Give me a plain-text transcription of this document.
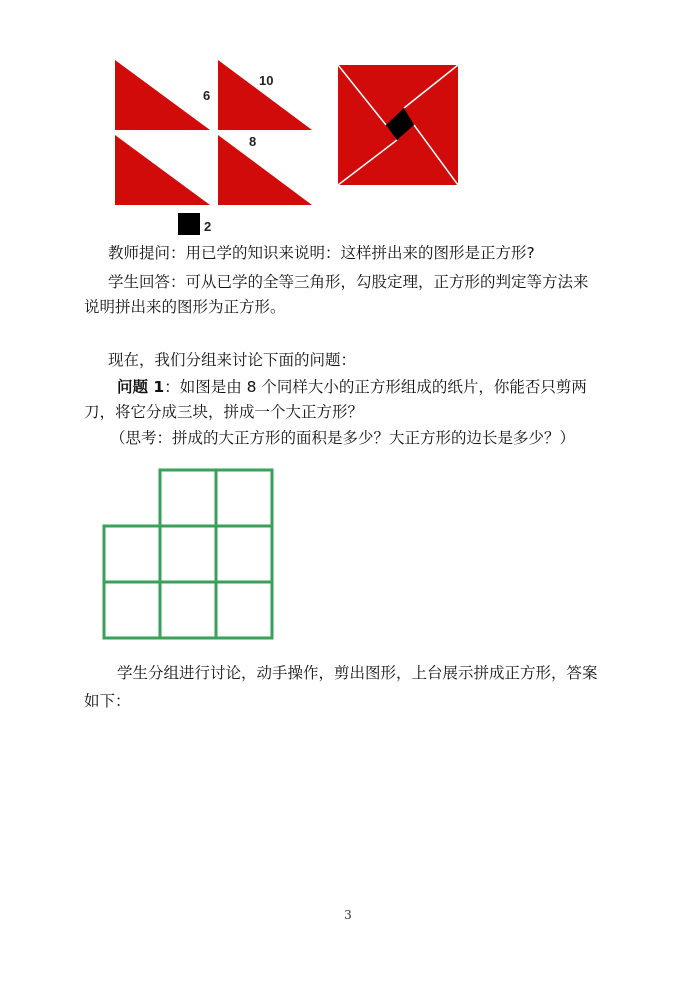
6
10
8
2
教师提问：用已学的知识来说明：这样拼出来的图形是正方形?
学生回答：可从已学的全等三角形，勾股定理，正方形的判定等方法来
说明拼出来的图形为正方形。
现在，我们分组来讨论下面的问题：
问题 1：如图是由 8 个同样大小的正方形组成的纸片，你能否只剪两
刀，将它分成三块，拼成一个大正方形？
（思考：拼成的大正方形的面积是多少？大正方形的边长是多少？）
学生分组进行讨论，动手操作，剪出图形，上台展示拼成正方形，答案
如下：
3
